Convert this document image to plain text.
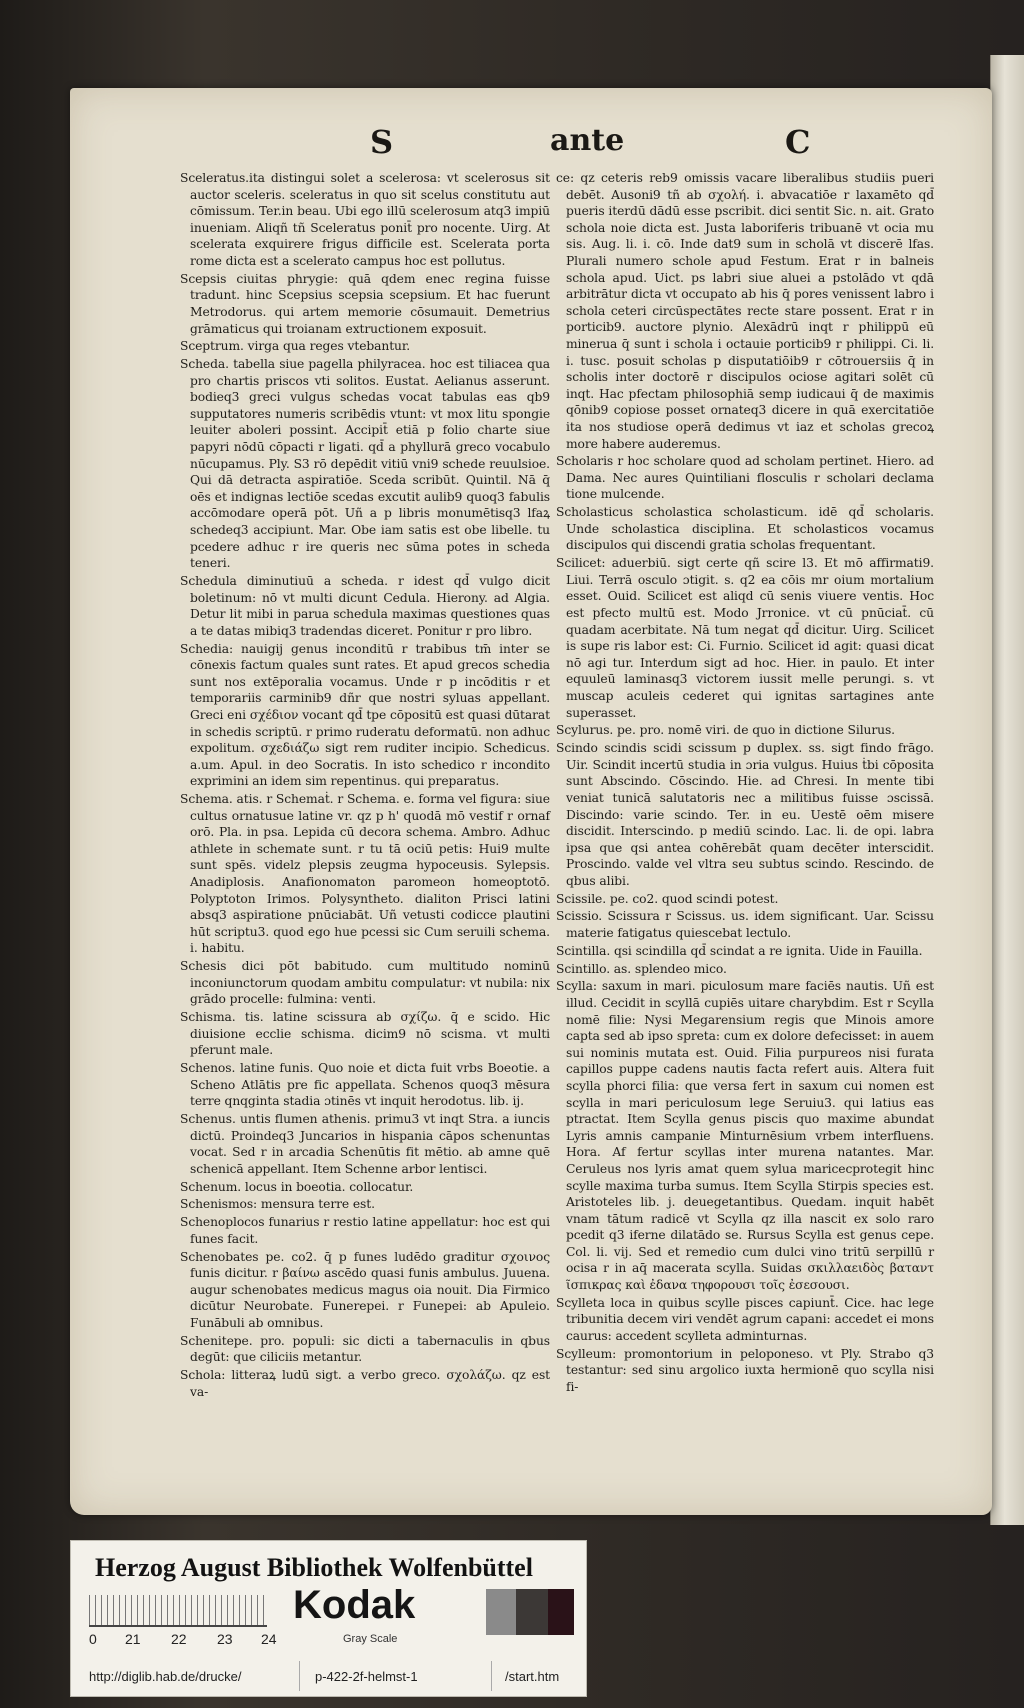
S	ante	C

Sceleratus.ita distingui solet a scelerosa: vt scelerosus sit auctor sceleris. sceleratus in quo sit scelus constitutu aut cōmissum. Ter.in beau. Ubi ego illū scelerosum atq3 impiū inueniam. Aliqñ tñ Sceleratus ponit̄ pro nocente. Uirg. At scelerata exquirere frigus difficile est. Scelerata porta rome dicta est a scelerato campus hoc est pollutus.

Scepsis ciuitas phrygie: quā qdem enec regina fuisse tradunt. hinc Scepsius scepsia scepsium. Et hac fuerunt Metrodorus. qui artem memorie cōsumauit. Demetrius grāmaticus qui troianam extructionem exposuit.

Sceptrum. virga qua reges vtebantur.

Scheda. tabella siue pagella philyracea. hoc est tiliacea qua pro chartis priscos vti solitos. Eustat. Aelianus asserunt. bodieq3 greci vulgus schedas vocat tabulas eas qb9 supputatores numeris scribēdis vtunt: vt mox litu spongie leuiter aboleri possint. Accipit̄ etiā p folio charte siue papyri nōdū cōpacti r ligati. qd̄ a phyllurā greco vocabulo nūcupamus. Ply. S3 rō depēdit vitiū vni9 schede reuulsioe. Qui dā detracta aspiratiōe. Sceda scribūt. Quintil. Nā q̄ oēs et indignas lectiōe scedas excutit aulib9 quoq3 fabulis accōmodare operā pōt. Uñ a p libris monumētisq3 lfaꝝ schedeq3 accipiunt. Mar. Obe iam satis est obe libelle. tu pcedere adhuc r ire queris nec sūma potes in scheda teneri.

Schedula diminutiuū a scheda. r idest qd̄ vulgo dicit boletinum: nō vt multi dicunt Cedula. Hierony. ad Algia. Detur lit mibi in parua schedula maximas questiones quas a te datas mibiq3 tradendas diceret. Ponitur r pro libro.

Schedia: nauigij genus inconditū r trabibus tm̄ inter se cōnexis factum quales sunt rates. Et apud grecos schedia sunt nos extēporalia vocamus. Unde r p incōditis r et temporariis carminib9 dñr que nostri syluas appellant. Greci eni σχέδιον vocant qd̄ tpe cōpositū est quasi dūtarat in schedis scriptū. r primo ruderatu deformatū. non adhuc expolitum. σχεδιάζω sigt rem ruditer incipio. Schedicus. a.um. Apul. in deo Socratis. In isto schedico r incondito exprimini an idem sim repentinus. qui preparatus.

Schema. atis. r Schemaṫ. r Schema. e. forma vel figura: siue cultus ornatusue latine vr. qz p h' quodā mō vestif r ornaf orō. Pla. in psa. Lepida cū decora schema. Ambro. Adhuc athlete in schemate sunt. r tu tā ociū petis: Hui9 multe sunt spēs. videlz plepsis zeugma hypoceusis. Sylepsis. Anadiplosis. Anafionomaton paromeon homeoptotō. Polyptoton Irimos. Polysyntheto. dialiton Prisci latini absq3 aspiratione pnūciabāt. Uñ vetusti codicce plautini hūt scriptu3. quod ego hue pcessi sic Cum seruili schema. i. habitu.

Schesis dici pōt babitudo. cum multitudo nominū inconiunctorum quodam ambitu compulatur: vt nubila: nix grādo procelle: fulmina: venti.

Schisma. tis. latine scissura ab σχίζω. q̄ e scido. Hic diuisione ecclie schisma. dicim9 nō scisma. vt multi pferunt male.

Schenos. latine funis. Quo noie et dicta fuit vrbs Boeotie. a Scheno Atlātis pre fic appellata. Schenos quoq3 mēsura terre qnqginta stadia ɔtinēs vt inquit herodotus. lib. ij.

Schenus. untis flumen athenis. primu3 vt inqt Stra. a iuncis dictū. Proindeq3 Juncarios in hispania cāpos schenuntas vocat. Sed r in arcadia Schenūtis fit mētio. ab amne quē schenicā appellant. Item Schenne arbor lentisci.

Schenum. locus in boeotia. collocatur.

Schenismos: mensura terre est.

Schenoplocos funarius r restio latine appellatur: hoc est qui funes facit.

Schenobates pe. co2. q̄ p funes ludēdo graditur σχοινος funis dicitur. r βαίνω ascēdo quasi funis ambulus. Juuena. augur schenobates medicus magus oia nouit. Dia Firmico dicūtur Neurobate. Funerepei. r Funepei: ab Apuleio. Funābuli ab omnibus.

Schenitepe. pro. populi: sic dicti a tabernaculis in qbus degūt: que ciliciis metantur.

Schola: litteraꝝ ludū sigt. a verbo greco. σχολάζω. qz est va-

ce: qz ceteris reb9 omissis vacare liberalibus studiis pueri debēt. Ausoni9 tñ ab σχολή. i. abvacatiōe r laxamēto qd̄ pueris iterdū dādū esse pscribit. dici sentit Sic. n. ait. Grato schola noie dicta est. Justa laboriferis tribuanē vt ocia mu sis. Aug. li. i. cō. Inde dat9 sum in scholā vt discerē lfas. Plurali numero schole apud Festum. Erat r in balneis schola apud. Uict. ps labri siue aluei a pstolādo vt qdā arbitrātur dicta vt occupato ab his q̄ pores venissent labro i schola ceteri circūspectātes recte stare possent. Erat r in porticib9. auctore plynio. Alexādrū inqt r philippū eū minerua q̄ sunt i schola i octauie porticib9 r philippi. Ci. li. i. tusc. posuit scholas p disputatiōib9 r cōtrouersiis q̄ in scholis inter doctorē r discipulos ociose agitari solēt cū inqt. Hac pfectam philosophiā semp iudicaui q̄ de maximis qōnib9 copiose posset ornateq3 dicere in quā exercitatiōe ita nos studiose operā dedimus vt iaz et scholas grecoꝝ more habere auderemus.

Scholaris r hoc scholare quod ad scholam pertinet. Hiero. ad Dama. Nec aures Quintiliani flosculis r scholari declama tione mulcende.

Scholasticus scholastica scholasticum. idē qd̄ scholaris. Unde scholastica disciplina. Et scholasticos vocamus discipulos qui discendi gratia scholas frequentant.

Scilicet: aduerbiū. sigt certe qñ scire l3. Et mō affirmati9. Liui. Terrā osculo ɔtigit. s. q2 ea cōis mr oium mortalium esset. Ouid. Scilicet est aliqd cū senis viuere ventis. Hoc est pfecto multū est. Modo Jrronice. vt cū pnūciat̄. cū quadam acerbitate. Nā tum negat qd̄ dicitur. Uirg. Scilicet is supe ris labor est: Ci. Furnio. Scilicet id agit: quasi dicat nō agi tur. Interdum sigt ad hoc. Hier. in paulo. Et inter equuleū laminasq3 victorem iussit melle perungi. s. vt muscap aculeis cederet qui ignitas sartagines ante superasset.

Scylurus. pe. pro. nomē viri. de quo in dictione Silurus.

Scindo scindis scidi scissum p duplex. ss. sigt findo frāgo. Uir. Scindit incertū studia in ɔria vulgus. Huius ṫbi cōposita sunt Abscindo. Cōscindo. Hie. ad Chresi. In mente tibi veniat tunicā salutatoris nec a militibus fuisse ɔscissā. Discindo: varie scindo. Ter. in eu. Uestē oēm misere discidit. Interscindo. p mediū scindo. Lac. li. de opi. labra ipsa que qsi antea cohērebāt quam decēter interscidit. Proscindo. valde vel vltra seu subtus scindo. Rescindo. de qbus alibi.

Scissile. pe. co2. quod scindi potest.

Scissio. Scissura r Scissus. us. idem significant. Uar. Scissu materie fatigatus quiescebat lectulo.

Scintilla. qsi scindilla qd̄ scindat a re ignita. Uide in Fauilla.

Scintillo. as. splendeo mico.

Scylla: saxum in mari. piculosum mare faciēs nautis. Uñ est illud. Cecidit in scyllā cupiēs uitare charybdim. Est r Scylla nomē filie: Nysi Megarensium regis que Minois amore capta sed ab ipso spreta: cum ex dolore defecisset: in auem sui nominis mutata est. Ouid. Filia purpureos nisi furata capillos puppe cadens nautis facta refert auis. Altera fuit scylla phorci filia: que versa fert in saxum cui nomen est scylla in mari periculosum lege Seruiu3. qui latius eas ptractat. Item Scylla genus piscis quo maxime abundat Lyris amnis campanie Minturnēsium vrbem interfluens. Hora. Af fertur scyllas inter murena natantes. Mar. Ceruleus nos lyris amat quem sylua maricecprotegit hinc scylle maxima turba sumus. Item Scylla Stirpis species est. Aristoteles lib. j. deuegetantibus. Quedam. inquit habēt vnam tātum radicē vt Scylla qz illa nascit ex solo raro pcedit q3 iferne dilatādo se. Rursus Scylla est genus cepe. Col. li. vij. Sed et remedio cum dulci vino tritū serpillū r ocisa r in aq̄ macerata scylla. Suidas σκιλλαειδὸς βαταντ ῖσπικρας καὶ ἐδανα τηφορουσι τοῖς ἐσεσουσι.

Scylleta loca in quibus scylle pisces capiunt̄. Cice. hac lege tribunitia decem viri vendēt agrum capani: accedet ei mons caurus: accedent scylleta adminturnas.

Scylleum: promontorium in peloponeso. vt Ply. Strabo q3 testantur: sed sinu argolico iuxta hermionē quo scylla nisi fi-

Herzog August Bibliothek Wolfenbüttel
0 21 22 23 24
Kodak
Gray Scale
http://diglib.hab.de/drucke/	p-422-2f-helmst-1	/start.htm
